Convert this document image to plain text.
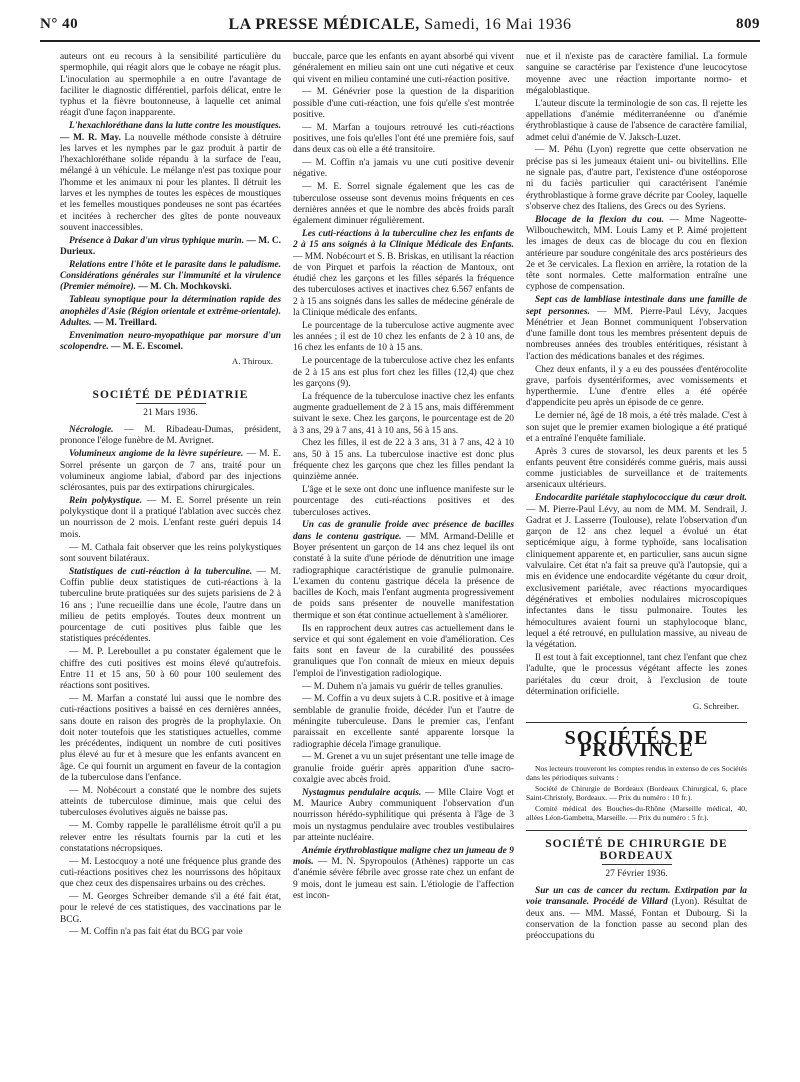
N° 40	LA PRESSE MÉDICALE, Samedi, 16 Mai 1936	809

auteurs ont eu recours à la sensibilité particulière du spermophile, qui réagit alors que le cobaye ne réagit plus. L'inoculation au spermophile a en outre l'avantage de faciliter le diagnostic différentiel, parfois délicat, entre le typhus et la fièvre boutonneuse, à laquelle cet animal réagit d'une façon inapparente.

L'hexachloréthane dans la lutte contre les moustiques. — M. R. May. La nouvelle méthode consiste à détruire les larves et les nymphes par le gaz produit à partir de l'hexachloréthane solide répandu à la surface de l'eau, mélangé à un véhicule. Le mélange n'est pas toxique pour l'homme et les animaux ni pour les plantes. Il détruit les larves et les nymphes de toutes les espèces de moustiques et les femelles moustiques pondeuses ne sont pas écartées et incitées à rechercher des gîtes de ponte nouveaux souvent inaccessibles.

Présence à Dakar d'un virus typhique murin. — M. C. Durieux.

Relations entre l'hôte et le parasite dans le paludisme. Considérations générales sur l'immunité et la virulence (Premier mémoire). — M. Ch. Mochkovski.

Tableau synoptique pour la détermination rapide des anophèles d'Asie (Région orientale et extrême-orientale). Adultes. — M. Treillard.

Envenimation neuro-myopathique par morsure d'un scolopendre. — M. E. Escomel.

A. Thiroux.
SOCIÉTÉ DE PÉDIATRIE
21 Mars 1936.

Nécrologie. — M. Ribadeau-Dumas, président, prononce l'éloge funèbre de M. Avrignet.

Volumineux angiome de la lèvre supérieure. — M. E. Sorrel présente un garçon de 7 ans, traité pour un volumineux angiome labial, d'abord par des injections sclérosantes, puis par des extirpations chirurgicales.

Rein polykystique. — M. E. Sorrel présente un rein polykystique dont il a pratiqué l'ablation avec succès chez un nourrisson de 2 mois. L'enfant reste guéri depuis 14 mois.

— M. Cathala fait observer que les reins polykystiques sont souvent bilatéraux.

Statistiques de cuti-réaction à la tuberculine. — M. Coffin publie deux statistiques de cuti-réactions à la tuberculine brute pratiquées sur des sujets parisiens de 2 à 16 ans ; l'une recueillie dans une école, l'autre dans un milieu de petits employés. Toutes deux montrent un pourcentage de cuti positives plus faible que les statistiques précédentes.

— M. P. Lereboullet a pu constater également que le chiffre des cuti positives est moins élevé qu'autrefois. Entre 11 et 15 ans, 50 à 60 pour 100 seulement des réactions sont positives.

— M. Marfan a constaté lui aussi que le nombre des cuti-réactions positives a baissé en ces dernières années, sans doute en raison des progrès de la prophylaxie. On doit noter toutefois que les statistiques actuelles, comme les précédentes, indiquent un nombre de cuti positives plus élevé au fur et à mesure que les enfants avancent en âge. Ce qui fournit un argument en faveur de la contagion de la tuberculose dans l'enfance.

— M. Nobécourt a constaté que le nombre des sujets atteints de tuberculose diminue, mais que celui des tuberculoses évolutives aiguës ne baisse pas.

— M. Comby rappelle le parallélisme étroit qu'il a pu relever entre les résultats fournis par la cuti et les constatations nécropsiques.

— M. Lestocquoy a noté une fréquence plus grande des cuti-réactions positives chez les nourrissons des hôpitaux que chez ceux des dispensaires urbains ou des crèches.

— M. Georges Schreiber demande s'il a été fait état, pour le relevé de ces statistiques, des vaccinations par le BCG.

— M. Coffin n'a pas fait état du BCG par voie

buccale, parce que les enfants en ayant absorbé qui vivent généralement en milieu sain ont une cuti négative et ceux qui vivent en milieu contaminé une cuti-réaction positive.

— M. Génévrier pose la question de la disparition possible d'une cuti-réaction, une fois qu'elle s'est montrée positive.

— M. Marfan a toujours retrouvé les cuti-réactions positives, une fois qu'elles l'ont été une première fois, sauf dans deux cas où elle a été transitoire.

— M. Coffin n'a jamais vu une cuti positive devenir négative.

— M. E. Sorrel signale également que les cas de tuberculose osseuse sont devenus moins fréquents en ces dernières années et que le nombre des abcès froids paraît également diminuer régulièrement.

Les cuti-réactions à la tuberculine chez les enfants de 2 à 15 ans soignés à la Clinique Médicale des Enfants. — MM. Nobécourt et S. B. Briskas, en utilisant la réaction de von Pirquet et parfois la réaction de Mantoux, ont étudié chez les garçons et les filles séparés la fréquence des tuberculoses actives et inactives chez 6.567 enfants de 2 à 15 ans soignés dans les salles de médecine générale de la Clinique médicale des enfants.

Le pourcentage de la tuberculose active augmente avec les années ; il est de 10 chez les enfants de 2 à 10 ans, de 16 chez les enfants de 10 à 15 ans.

Le pourcentage de la tuberculose active chez les enfants de 2 à 15 ans est plus fort chez les filles (12,4) que chez les garçons (9).

La fréquence de la tuberculose inactive chez les enfants augmente graduellement de 2 à 15 ans, mais différemment suivant le sexe. Chez les garçons, le pourcentage est de 20 à 3 ans, 29 à 7 ans, 41 à 10 ans, 56 à 15 ans.

Chez les filles, il est de 22 à 3 ans, 31 à 7 ans, 42 à 10 ans, 50 à 15 ans. La tuberculose inactive est donc plus fréquente chez les garçons que chez les filles pendant la quinzième année.

L'âge et le sexe ont donc une influence manifeste sur le pourcentage des cuti-réactions positives et des tuberculoses actives.

Un cas de granulie froide avec présence de bacilles dans le contenu gastrique. — MM. Armand-Delille et Boyer présentent un garçon de 14 ans chez lequel ils ont constaté à la suite d'une période de dénutrition une image radiographique caractéristique de granulie pulmonaire. L'examen du contenu gastrique décela la présence de bacilles de Koch, mais l'enfant augmenta progressivement de poids sans présenter de nouvelle manifestation thermique et son état continue actuellement à s'améliorer.

Ils en rapprochent deux autres cas actuellement dans le service et qui sont également en voie d'amélioration. Ces faits sont en faveur de la curabilité des poussées granuliques que l'on connaît de mieux en mieux depuis l'emploi de l'investigation radiologique.

— M. Duhem n'a jamais vu guérir de telles granulies.

— M. Coffin a vu deux sujets à C.R. positive et à image semblable de granulie froide, décéder l'un et l'autre de méningite tuberculeuse. Dans le premier cas, l'enfant paraissait en excellente santé apparente lorsque la radiographie décela l'image granulique.

— M. Grenet a vu un sujet présentant une telle image de granulie froide guérir après apparition d'une sacro-coxalgie avec abcès froid.

Nystagmus pendulaire acquis. — Mlle Claire Vogt et M. Maurice Aubry communiquent l'observation d'un nourrisson hérédo-syphilitique qui présenta à l'âge de 3 mois un nystagmus pendulaire avec troubles vestibulaires par atteinte nucléaire.

Anémie érythroblastique maligne chez un jumeau de 9 mois. — M. N. Spyropoulos (Athènes) rapporte un cas d'anémie sévère fébrile avec grosse rate chez un enfant de 9 mois, dont le jumeau est sain. L'étiologie de l'affection est incon-

nue et il n'existe pas de caractère familial. La formule sanguine se caractérise par l'existence d'une leucocytose moyenne avec une réaction importante normo- et mégaloblastique.

L'auteur discute la terminologie de son cas. Il rejette les appellations d'anémie méditerranéenne ou d'anémie érythroblastique à cause de l'absence de caractère familial, admet celui d'anémie de V. Jaksch-Luzet.

— M. Péhu (Lyon) regrette que cette observation ne précise pas si les jumeaux étaient uni- ou bivitellins. Elle ne signale pas, d'autre part, l'existence d'une ostéoporose ni du faciès particulier qui caractérisent l'anémie érythroblastique à forme grave décrite par Cooley, laquelle s'observe chez des Italiens, des Grecs ou des Syriens.

Blocage de la flexion du cou. — Mme Nageotte-Wilbouchewitch, MM. Louis Lamy et P. Aimé projettent les images de deux cas de blocage du cou en flexion antérieure par soudure congénitale des arcs postérieurs des 2e et 3e cervicales. La flexion en arrière, la rotation de la tête sont normales. Cette malformation entraîne une cyphose de compensation.

Sept cas de lambliase intestinale dans une famille de sept personnes. — MM. Pierre-Paul Lévy, Jacques Ménétrier et Jean Bonnet communiquent l'observation d'une famille dont tous les membres présentent depuis de nombreuses années des troubles entéritiques, résistant à l'action des médications banales et des régimes.

Chez deux enfants, il y a eu des poussées d'entérocolite grave, parfois dysentériformes, avec vomissements et hyperthermie. L'une d'entre elles a été opérée d'appendicite peu après un épisode de ce genre.

Le dernier né, âgé de 18 mois, a été très malade. C'est à son sujet que le premier examen biologique a été pratiqué et a entraîné l'enquête familiale.

Après 3 cures de stovarsol, les deux parents et les 5 enfants peuvent être considérés comme guéris, mais aussi comme justiciables de surveillance et de traitements arsenicaux ultérieurs.

Endocardite pariétale staphylococcique du cœur droit. — M. Pierre-Paul Lévy, au nom de MM. M. Sendrail, J. Gadrat et J. Lasserre (Toulouse), relate l'observation d'un garçon de 12 ans chez lequel a évolué un état septicémique aigu, à forme typhoïde, sans localisation cliniquement apparente et, en particulier, sans aucun signe valvulaire. Cet état n'a fait sa preuve qu'à l'autopsie, qui a mis en évidence une endocardite végétante du cœur droit, exclusivement pariétale, avec réactions myocardiques dégénératives et embolies nodulaires microscopiques infectantes dans le tissu pulmonaire. Toutes les hémocultures avaient fourni un staphylocoque blanc, lequel a été retrouvé, en pullulation massive, au niveau de la végétation.

Il est tout à fait exceptionnel, tant chez l'enfant que chez l'adulte, que le processus végétant affecte les zones pariétales du cœur droit, à l'exclusion de toute détermination orificielle.

G. Schreiber.
SOCIÉTÉS DE PROVINCE

Nos lecteurs trouveront les comptes rendus in extenso de ces Sociétés dans les périodiques suivants :

Société de Chirurgie de Bordeaux (Bordeaux Chirurgical, 6, place Saint-Christoly, Bordeaux. — Prix du numéro : 10 fr.).

Comité médical des Bouches-du-Rhône (Marseille médical, 40, allées Léon-Gambetta, Marseille. — Prix du numéro : 5 fr.).

SOCIÉTÉ DE CHIRURGIE DE BORDEAUX
27 Février 1936.

Sur un cas de cancer du rectum. Extirpation par la voie transanale. Procédé de Villard (Lyon). Résultat de deux ans. — MM. Massé, Fontan et Dubourg. Si la conservation de la fonction passe au second plan des préoccupations du
